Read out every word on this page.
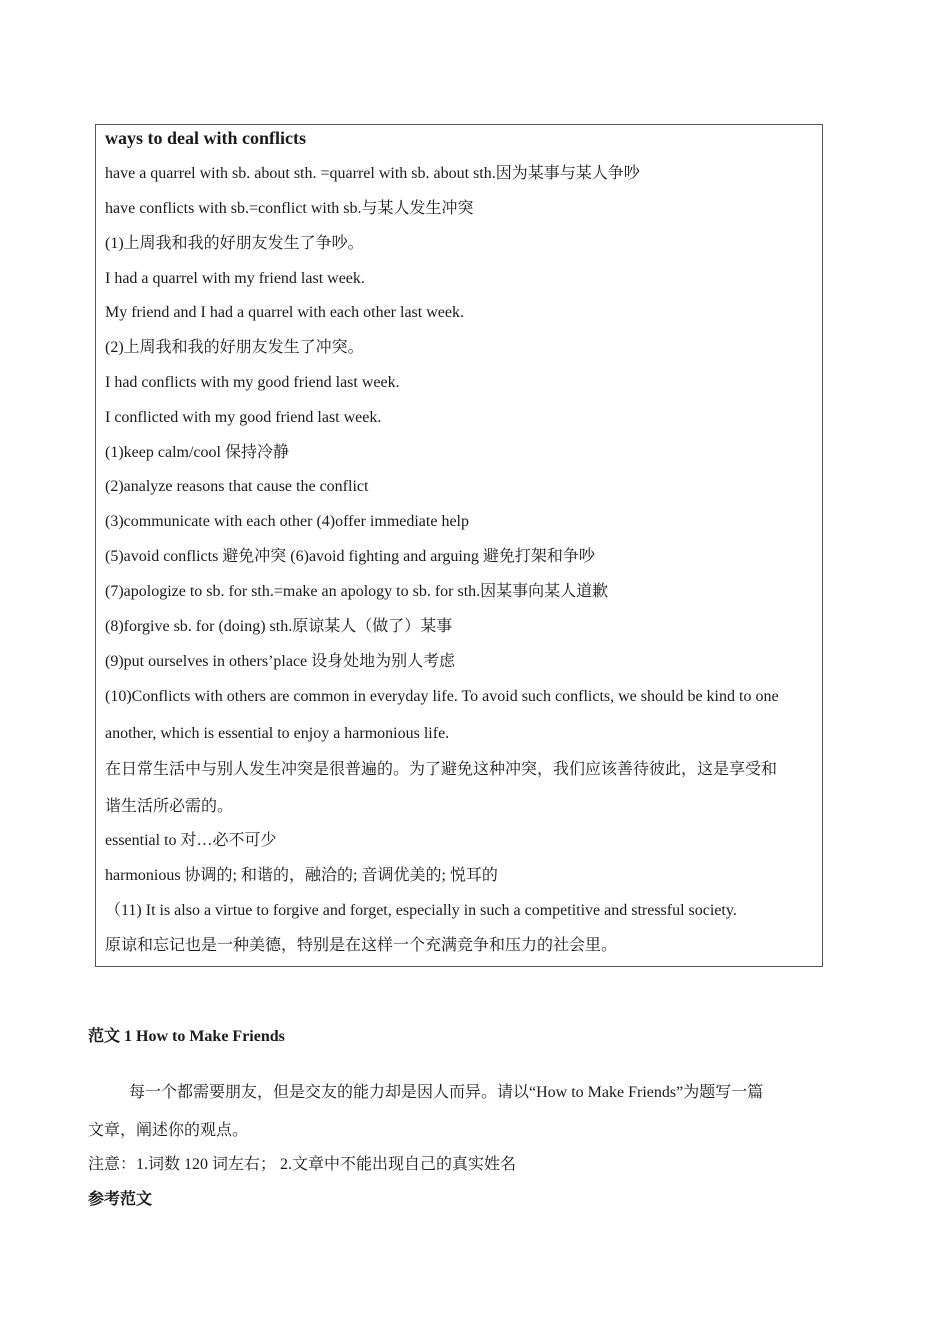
ways to deal with conflicts
have a quarrel with sb. about sth. =quarrel with sb. about sth.因为某事与某人争吵
have conflicts with sb.=conflict with sb.与某人发生冲突
(1)上周我和我的好朋友发生了争吵。
I had a quarrel with my friend last week.
My friend and I had a quarrel with each other last week.
(2)上周我和我的好朋友发生了冲突。
I had conflicts with my good friend last week.
I conflicted with my good friend last week.
(1)keep calm/cool 保持冷静
(2)analyze reasons that cause the conflict
(3)communicate with each other (4)offer immediate help
(5)avoid conflicts 避免冲突 (6)avoid fighting and arguing 避免打架和争吵
(7)apologize to sb. for sth.=make an apology to sb. for sth.因某事向某人道歉
(8)forgive sb. for (doing) sth.原谅某人（做了）某事
(9)put ourselves in others’place 设身处地为别人考虑
(10)Conflicts with others are common in everyday life. To avoid such conflicts, we should be kind to one
another, which is essential to enjoy a harmonious life.
在日常生活中与别人发生冲突是很普遍的。为了避免这种冲突，我们应该善待彼此，这是享受和
谐生活所必需的。
essential to 对…必不可少
harmonious 协调的; 和谐的，融洽的; 音调优美的; 悦耳的
（11) It is also a virtue to forgive and forget, especially in such a competitive and stressful society.
原谅和忘记也是一种美德，特别是在这样一个充满竞争和压力的社会里。
范文 1 How to Make Friends
每一个都需要朋友，但是交友的能力却是因人而异。请以“How to Make Friends”为题写一篇
文章，阐述你的观点。
注意：1.词数 120 词左右； 2.文章中不能出现自己的真实姓名
参考范文
